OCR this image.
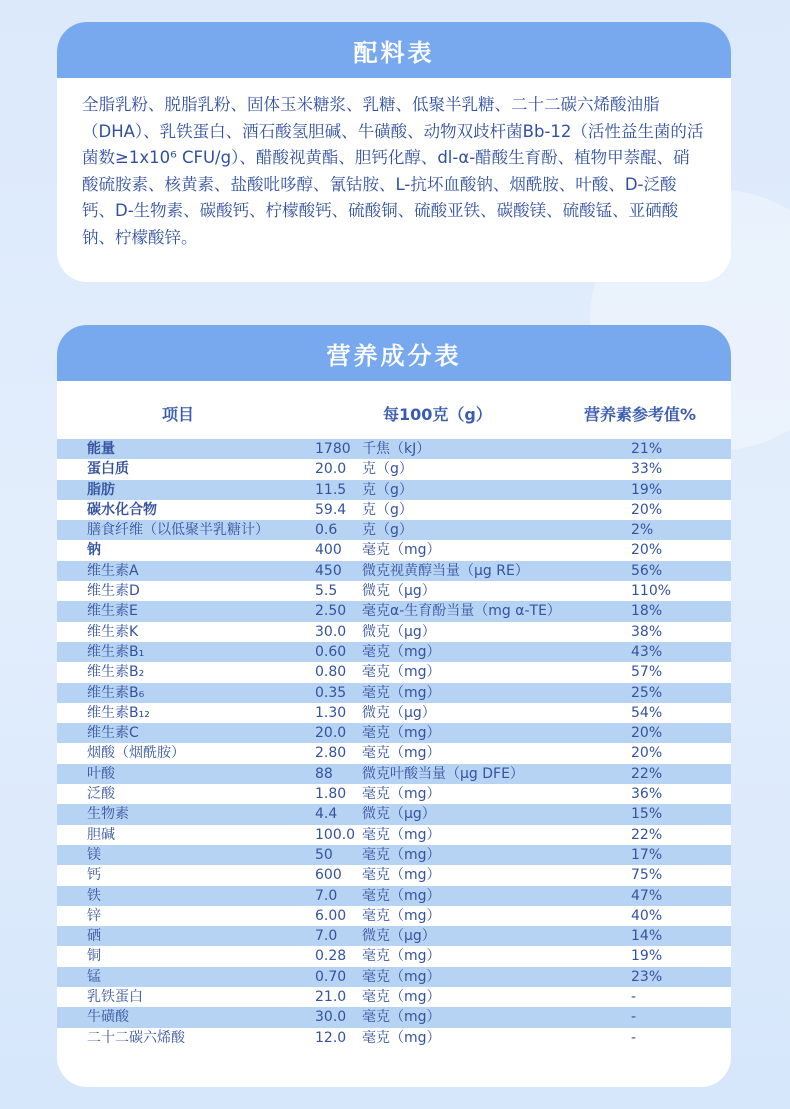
配料表

全脂乳粉、脱脂乳粉、固体玉米糖浆、乳糖、低聚半乳糖、二十二碳六烯酸油脂（DHA）、乳铁蛋白、酒石酸氢胆碱、牛磺酸、动物双歧杆菌Bb-12（活性益生菌的活菌数≥1x10⁶ CFU/g）、醋酸视黄酯、胆钙化醇、dl-α-醋酸生育酚、植物甲萘醌、硝酸硫胺素、核黄素、盐酸吡哆醇、氰钴胺、L-抗坏血酸钠、烟酰胺、叶酸、D-泛酸钙、D-生物素、碳酸钙、柠檬酸钙、硫酸铜、硫酸亚铁、碳酸镁、硫酸锰、亚硒酸钠、柠檬酸锌。

营养成分表
项目	每100克（g）	营养素参考值%
能量	1780 千焦（kJ）	21%
蛋白质	20.0 克（g）	33%
脂肪	11.5 克（g）	19%
碳水化合物	59.4 克（g）	20%
膳食纤维（以低聚半乳糖计）	0.6 克（g）	2%
钠	400 毫克（mg）	20%
维生素A	450 微克视黄醇当量（μg RE）	56%
维生素D	5.5 微克（μg）	110%
维生素E	2.50 毫克α-生育酚当量（mg α-TE）	18%
维生素K	30.0 微克（μg）	38%
维生素B₁	0.60 毫克（mg）	43%
维生素B₂	0.80 毫克（mg）	57%
维生素B₆	0.35 毫克（mg）	25%
维生素B₁₂	1.30 微克（μg）	54%
维生素C	20.0 毫克（mg）	20%
烟酸（烟酰胺）	2.80 毫克（mg）	20%
叶酸	88 微克叶酸当量（μg DFE）	22%
泛酸	1.80 毫克（mg）	36%
生物素	4.4 微克（μg）	15%
胆碱	100.0 毫克（mg）	22%
镁	50 毫克（mg）	17%
钙	600 毫克（mg）	75%
铁	7.0 毫克（mg）	47%
锌	6.00 毫克（mg）	40%
硒	7.0 微克（μg）	14%
铜	0.28 毫克（mg）	19%
锰	0.70 毫克（mg）	23%
乳铁蛋白	21.0 毫克（mg）	-
牛磺酸	30.0 毫克（mg）	-
二十二碳六烯酸	12.0 毫克（mg）	-
